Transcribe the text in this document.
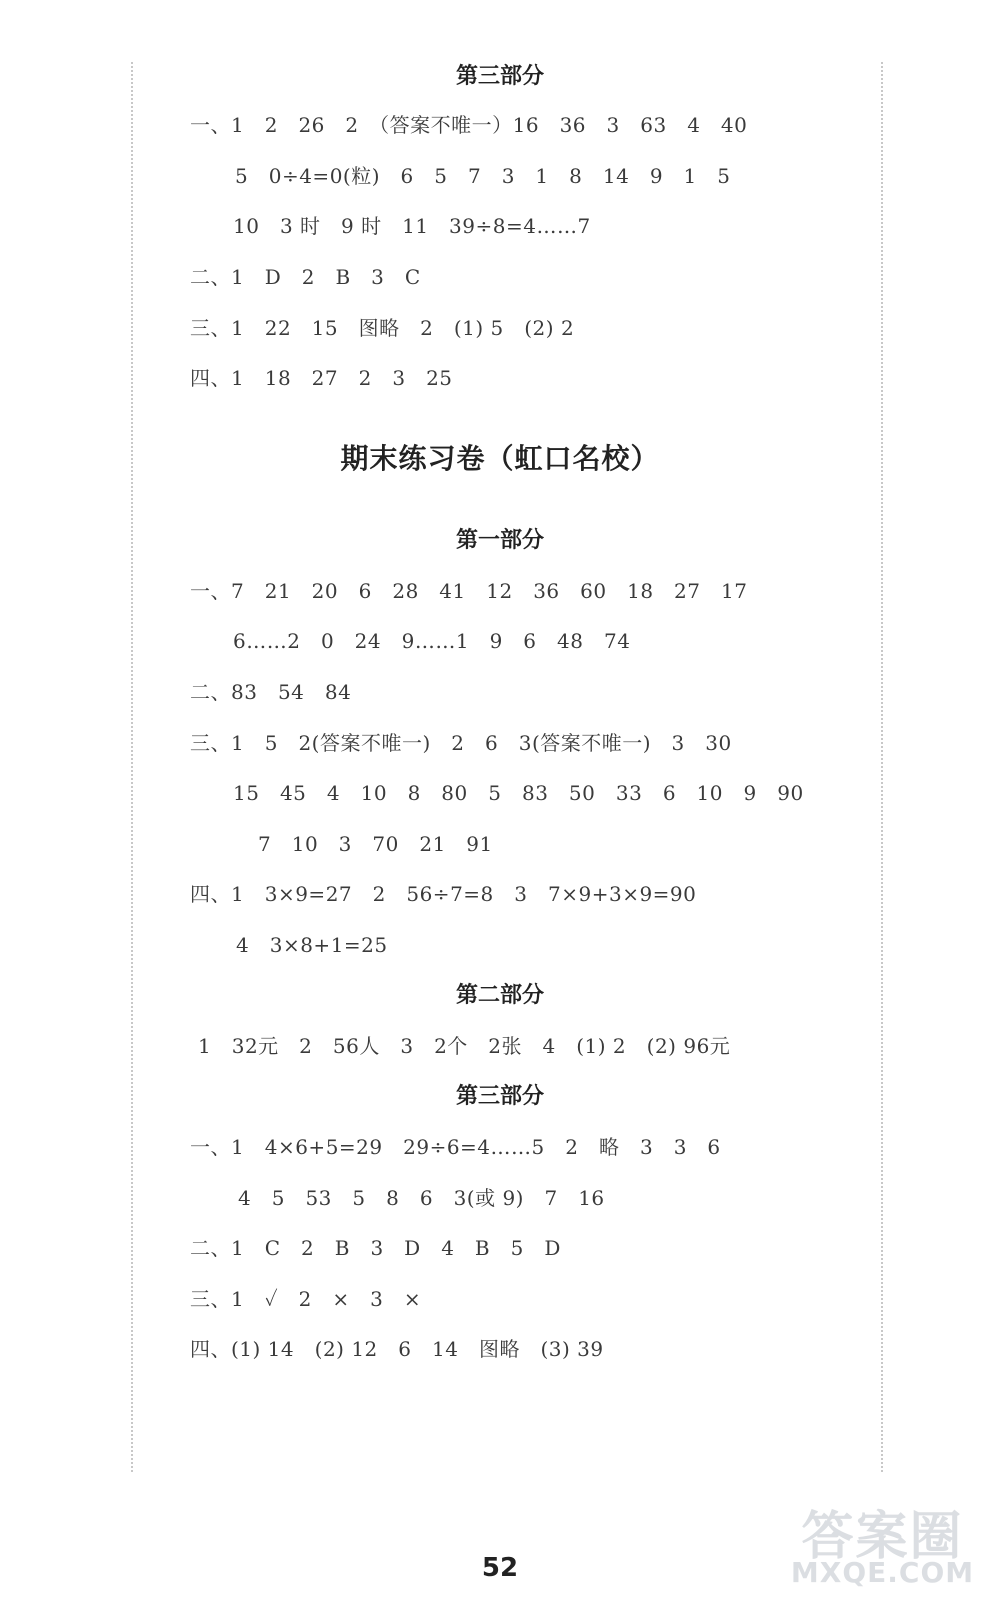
第三部分
一、1　2　26　2　（答案不唯一）16　36　3　63　4　40
5　0÷4=0(粒)　6　5　7　3　1　8　14　9　1　5
10　3 时　9 时　11　39÷8=4……7
二、1　D　2　B　3　C
三、1　22　15　图略　2　(1) 5　(2) 2
四、1　18　27　2　3　25
期末练习卷（虹口名校）
第一部分
一、7　21　20　6　28　41　12　36　60　18　27　17
6……2　0　24　9……1　9　6　48　74
二、83　54　84
三、1　5　2(答案不唯一)　2　6　3(答案不唯一)　3　30
15　45　4　10　8　80　5　83　50　33　6　10　9　90
7　10　3　70　21　91
四、1　3×9=27　2　56÷7=8　3　7×9+3×9=90
4　3×8+1=25
第二部分
1　32元　2　56人　3　2个　2张　4　(1) 2　(2) 96元
第三部分
一、1　4×6+5=29　29÷6=4……5　2　略　3　3　6
4　5　53　5　8　6　3(或 9)　7　16
二、1　C　2　B　3　D　4　B　5　D
三、1　✓　2　×　3　×
四、(1) 14　(2) 12　6　14　图略　(3) 39
52
答案圈
MXQE.COM
